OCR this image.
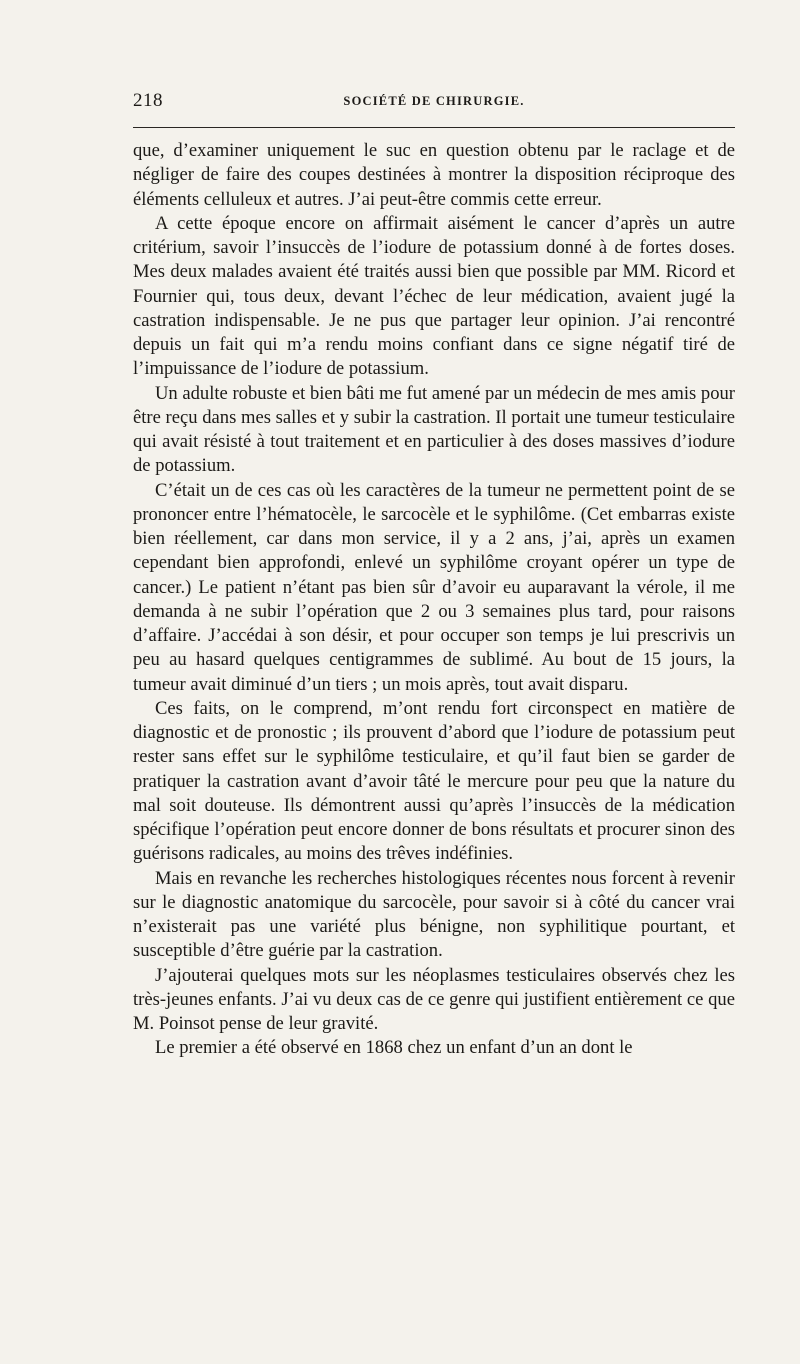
218	SOCIÉTÉ DE CHIRURGIE.

que, d’examiner uniquement le suc en question obtenu par le raclage et de négliger de faire des coupes destinées à montrer la disposition réciproque des éléments celluleux et autres. J’ai peut-être commis cette erreur.

A cette époque encore on affirmait aisément le cancer d’après un autre critérium, savoir l’insuccès de l’iodure de potassium donné à de fortes doses. Mes deux malades avaient été traités aussi bien que possible par MM. Ricord et Fournier qui, tous deux, devant l’échec de leur médication, avaient jugé la castration indispensable. Je ne pus que partager leur opinion. J’ai rencontré depuis un fait qui m’a rendu moins confiant dans ce signe négatif tiré de l’impuissance de l’iodure de potassium.

Un adulte robuste et bien bâti me fut amené par un médecin de mes amis pour être reçu dans mes salles et y subir la castration. Il portait une tumeur testiculaire qui avait résisté à tout traitement et en particulier à des doses massives d’iodure de potassium.

C’était un de ces cas où les caractères de la tumeur ne permettent point de se prononcer entre l’hématocèle, le sarcocèle et le syphilôme. (Cet embarras existe bien réellement, car dans mon service, il y a 2 ans, j’ai, après un examen cependant bien approfondi, enlevé un syphilôme croyant opérer un type de cancer.) Le patient n’étant pas bien sûr d’avoir eu auparavant la vérole, il me demanda à ne subir l’opération que 2 ou 3 semaines plus tard, pour raisons d’affaire. J’accédai à son désir, et pour occuper son temps je lui prescrivis un peu au hasard quelques centigrammes de sublimé. Au bout de 15 jours, la tumeur avait diminué d’un tiers ; un mois après, tout avait disparu.

Ces faits, on le comprend, m’ont rendu fort circonspect en matière de diagnostic et de pronostic ; ils prouvent d’abord que l’iodure de potassium peut rester sans effet sur le syphilôme testiculaire, et qu’il faut bien se garder de pratiquer la castration avant d’avoir tâté le mercure pour peu que la nature du mal soit douteuse. Ils démontrent aussi qu’après l’insuccès de la médication spécifique l’opération peut encore donner de bons résultats et procurer sinon des guérisons radicales, au moins des trêves indéfinies.

Mais en revanche les recherches histologiques récentes nous forcent à revenir sur le diagnostic anatomique du sarcocèle, pour savoir si à côté du cancer vrai n’existerait pas une variété plus bénigne, non syphilitique pourtant, et susceptible d’être guérie par la castration.

J’ajouterai quelques mots sur les néoplasmes testiculaires observés chez les très-jeunes enfants. J’ai vu deux cas de ce genre qui justifient entièrement ce que M. Poinsot pense de leur gravité.

Le premier a été observé en 1868 chez un enfant d’un an dont le
